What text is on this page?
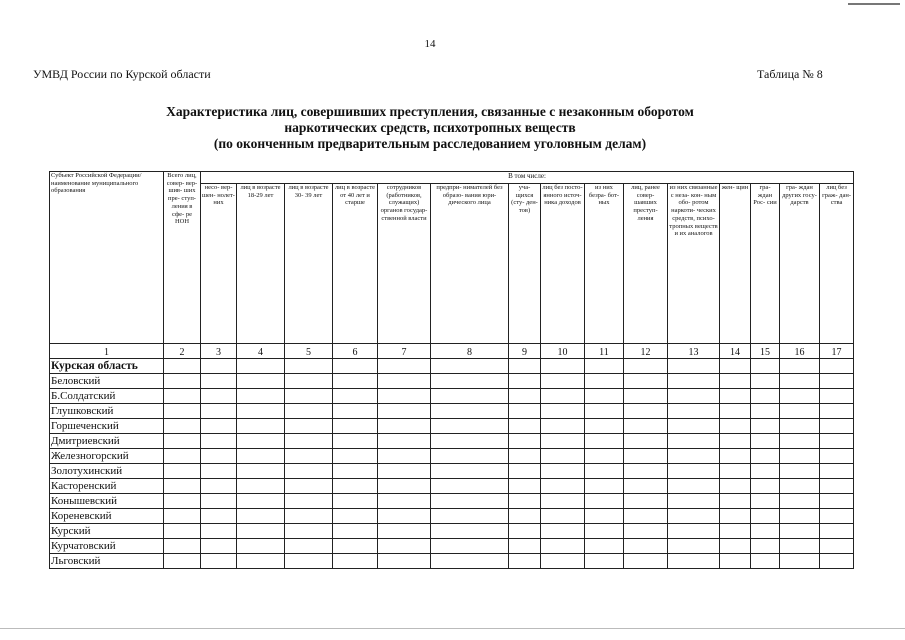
14
УМВД России по Курской области	Таблица № 8
Характеристика лиц, совершивших преступления, связанные с незаконным оборотом
наркотических средств, психотропных веществ
(по оконченным предварительным расследованием уголовным делам)
Субъект Российской Федерации/ наименование муниципального образования	Всего лиц, совер- вер- шив- ших пре- ступ- ления в сфе- ре НОН	В том числе:														
		несо- вер- шен- нолет- них	лиц в возрасте 18-29 лет	лиц в возрасте 30- 39 лет	лиц в возрасте от 40 лет и старше	сотрудников (работников, служащих) органов государ- ственной власти	предпри- нимателей без образо- вания юри- дического лица	уча- щихся (сту- ден- тов)	лиц без посто- янного источ- ника доходов	из них безра- бот- ных	лиц, ранее совер- шавших преступ- ления	из них связанные с неза- кон- ным обо- ротом наркоти- ческих средств, психо- тропных веществ и их аналогов	жен- щин	гра- ждан Рос- сии	гра- ждан других госу- дарств	лиц без граж- дан- ства
1	2	3	4	5	6	7	8	9	10	11	12	13	14	15	16	17
Курская область																
Беловский																
Б.Солдатский																
Глушковский																
Горшеченский																
Дмитриевский																
Железногорский																
Золотухинский																
Касторенский																
Конышевский																
Кореневский																
Курский																
Курчатовский																
Льговский																
